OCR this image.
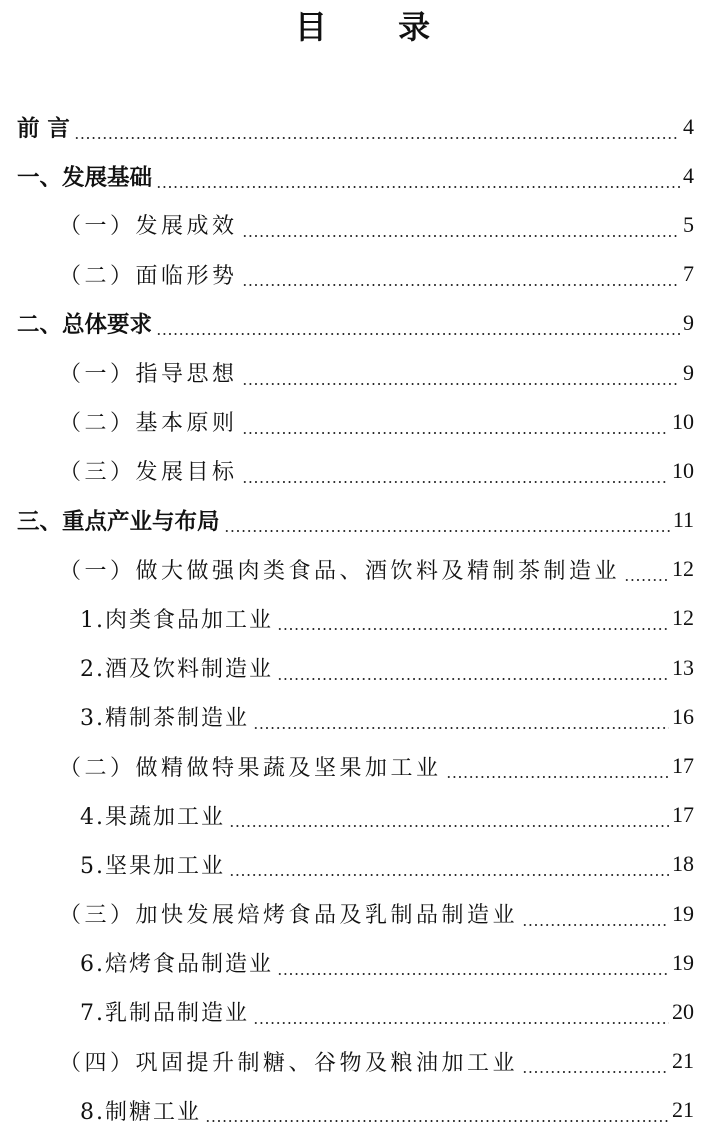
目 录
前 言	4
一、发展基础	4
（一）发展成效	5
（二）面临形势	7
二、总体要求	9
（一）指导思想	9
（二）基本原则	10
（三）发展目标	10
三、重点产业与布局	11
（一）做大做强肉类食品、酒饮料及精制茶制造业 12
1.肉类食品加工业	12
2.酒及饮料制造业	13
3.精制茶制造业	16
（二）做精做特果蔬及坚果加工业	17
4.果蔬加工业	17
5.坚果加工业	18
（三）加快发展焙烤食品及乳制品制造业	19
6.焙烤食品制造业	19
7.乳制品制造业	20
（四）巩固提升制糖、谷物及粮油加工业	21
8.制糖工业	21
